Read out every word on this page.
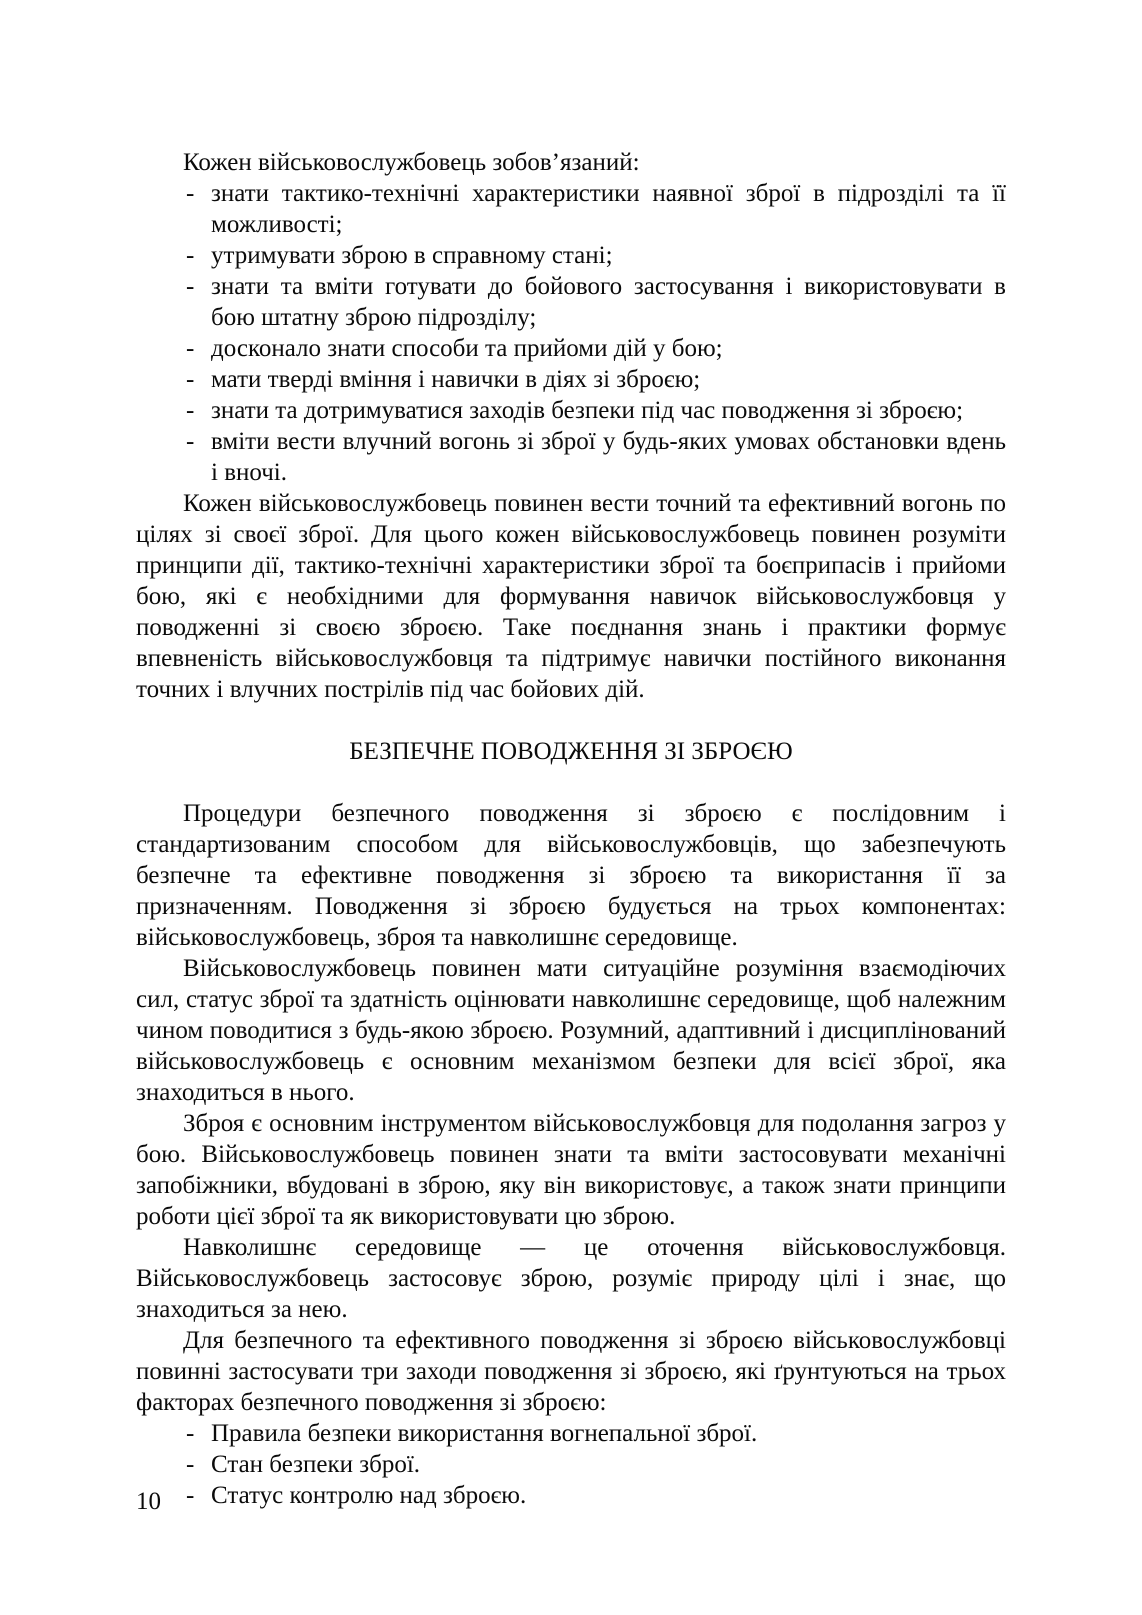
Кожен військовослужбовець зобов’язаний:

- знати тактико-технічні характеристики наявної зброї в підрозділі та її можливості;
- утримувати зброю в справному стані;
- знати та вміти готувати до бойового застосування і використовувати в бою штатну зброю підрозділу;
- досконало знати способи та прийоми дій у бою;
- мати тверді вміння і навички в діях зі зброєю;
- знати та дотримуватися заходів безпеки під час поводження зі зброєю;
- вміти вести влучний вогонь зі зброї у будь-яких умовах обстановки вдень і вночі.

Кожен військовослужбовець повинен вести точний та ефективний вогонь по цілях зі своєї зброї. Для цього кожен військовослужбовець повинен розуміти принципи дії, тактико-технічні характеристики зброї та боєприпасів і прийоми бою, які є необхідними для формування навичок військовослужбовця у поводженні зі своєю зброєю. Таке поєднання знань і практики формує впевненість військовослужбовця та підтримує навички постійного виконання точних і влучних пострілів під час бойових дій.

БЕЗПЕЧНЕ ПОВОДЖЕННЯ ЗІ ЗБРОЄЮ

Процедури безпечного поводження зі зброєю є послідовним і стандартизованим способом для військовослужбовців, що забезпечують безпечне та ефективне поводження зі зброєю та використання її за призначенням. Поводження зі зброєю будується на трьох компонентах: військовослужбовець, зброя та навколишнє середовище.

Військовослужбовець повинен мати ситуаційне розуміння взаємодіючих сил, статус зброї та здатність оцінювати навколишнє середовище, щоб належним чином поводитися з будь-якою зброєю. Розумний, адаптивний і дисциплінований військовослужбовець є основним механізмом безпеки для всієї зброї, яка знаходиться в нього.

Зброя є основним інструментом військовослужбовця для подолання загроз у бою. Військовослужбовець повинен знати та вміти застосовувати механічні запобіжники, вбудовані в зброю, яку він використовує, а також знати принципи роботи цієї зброї та як використовувати цю зброю.

Навколишнє середовище — це оточення військовослужбовця. Військовослужбовець застосовує зброю, розуміє природу цілі і знає, що знаходиться за нею.

Для безпечного та ефективного поводження зі зброєю військовослужбовці повинні застосувати три заходи поводження зі зброєю, які ґрунтуються на трьох факторах безпечного поводження зі зброєю:

- Правила безпеки використання вогнепальної зброї.
- Стан безпеки зброї.
- Статус контролю над зброєю.
10
